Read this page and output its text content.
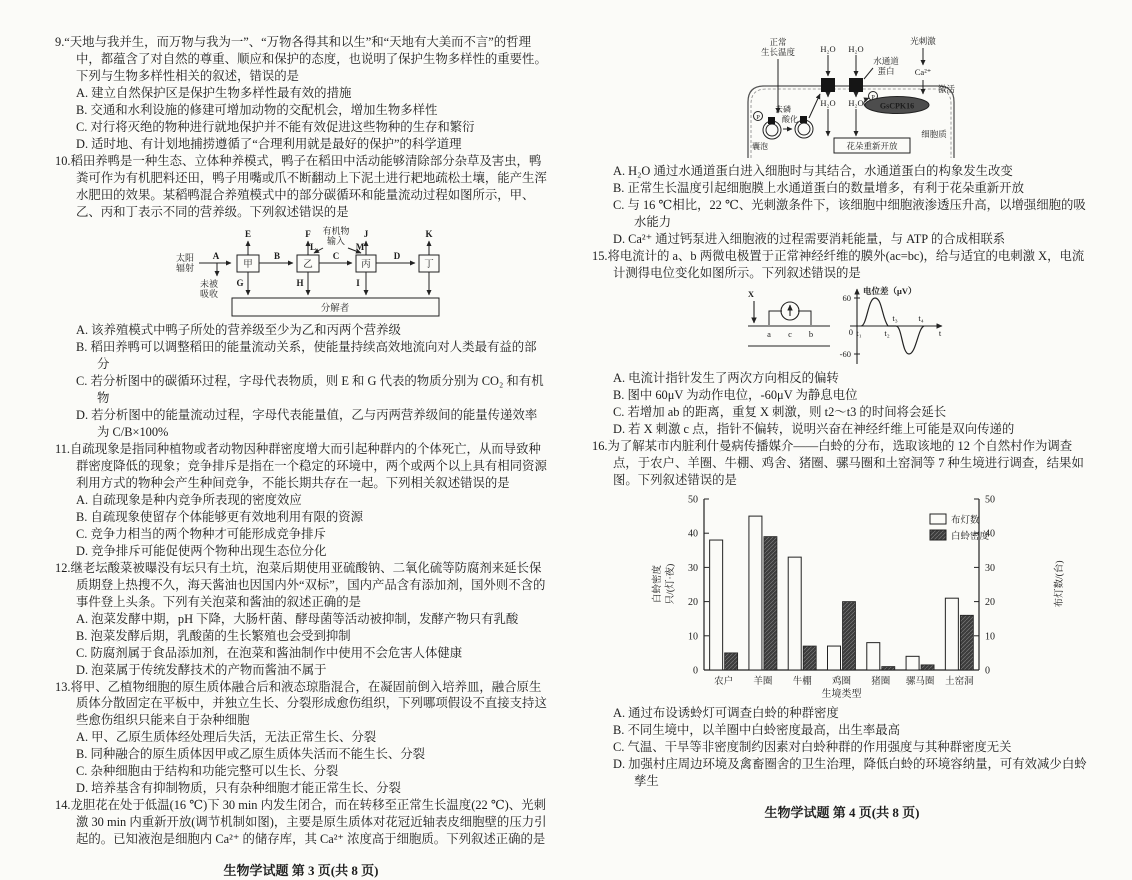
9.“天地与我并生，而万物与我为一”、“万物各得其和以生”和“天地有大美而不言”的哲理中，都蕴含了对自然的尊重、顺应和保护的态度，也说明了保护生物多样性的重要性。下列与生物多样性相关的叙述，错误的是
A. 建立自然保护区是保护生物多样性最有效的措施
B. 交通和水利设施的修建可增加动物的交配机会，增加生物多样性
C. 对行将灭绝的物种进行就地保护并不能有效促进这些物种的生存和繁衍
D. 适时地、有计划地捕捞遵循了“合理利用就是最好的保护”的科学道理
10.稻田养鸭是一种生态、立体种养模式，鸭子在稻田中活动能够清除部分杂草及害虫，鸭粪可作为有机肥料还田，鸭子用嘴或爪不断翻动上下泥土进行耙地疏松土壤，能产生浑水肥田的效果。某稻鸭混合养殖模式中的部分碳循环和能量流动过程如图所示，甲、乙、丙和丁表示不同的营养级。下列叙述错误的是
太阳
辐射
未被
吸收
有机物
输入
A	B	C	D
E	F	J	K
L	M
G	H	I
甲	乙	丙	丁
分解者
A. 该养殖模式中鸭子所处的营养级至少为乙和丙两个营养级
B. 稻田养鸭可以调整稻田的能量流动关系，使能量持续高效地流向对人类最有益的部分
C. 若分析图中的碳循环过程，字母代表物质，则 E 和 G 代表的物质分别为 CO₂ 和有机物
D. 若分析图中的能量流动过程，字母代表能量值，乙与丙两营养级间的能量传递效率为 C/B×100%
11.自疏现象是指同种植物或者动物因种群密度增大而引起种群内的个体死亡，从而导致种群密度降低的现象；竞争排斥是指在一个稳定的环境中，两个或两个以上具有相同资源利用方式的物种会产生种间竞争，不能长期共存在一起。下列相关叙述错误的是
A. 自疏现象是种内竞争所表现的密度效应
B. 自疏现象使留存个体能够更有效地利用有限的资源
C. 竞争力相当的两个物种才可能形成竞争排斥
D. 竞争排斥可能促使两个物种出现生态位分化
12.继老坛酸菜被曝没有坛只有土坑，泡菜后期使用亚硫酸钠、二氧化硫等防腐剂来延长保质期登上热搜不久，海天酱油也因国内外“双标”，国内产品含有添加剂，国外则不含的事件登上头条。下列有关泡菜和酱油的叙述正确的是
A. 泡菜发酵中期，pH 下降，大肠杆菌、酵母菌等活动被抑制，发酵产物只有乳酸
B. 泡菜发酵后期，乳酸菌的生长繁殖也会受到抑制
C. 防腐剂属于食品添加剂，在泡菜和酱油制作中使用不会危害人体健康
D. 泡菜属于传统发酵技术的产物而酱油不属于
13.将甲、乙植物细胞的原生质体融合后和液态琼脂混合，在凝固前倒入培养皿，融合原生质体分散固定在平板中，并独立生长、分裂形成愈伤组织，下列哪项假设不直接支持这些愈伤组织只能来自于杂种细胞
A. 甲、乙原生质体经处理后失活，无法正常生长、分裂
B. 同种融合的原生质体因甲或乙原生质体失活而不能生长、分裂
C. 杂种细胞由于结构和功能完整可以生长、分裂
D. 培养基含有抑制物质，只有杂种细胞才能正常生长、分裂
14.龙胆花在处于低温(16 ℃)下 30 min 内发生闭合，而在转移至正常生长温度(22 ℃)、光刺激 30 min 内重新开放(调节机制如图)，主要是原生质体对花冠近轴表皮细胞壁的压力引起的。已知液泡是细胞内 Ca²⁺ 的储存库，其 Ca²⁺ 浓度高于细胞质。下列叙述正确的是
生物学试题 第 3 页(共 8 页)
正常
生长温度	H₂O H₂O
H₂O H₂O
水通道
蛋白
光刺激
Ca²⁺
激活
GsCPK16
P
P
去磷
酸化
囊泡
细胞质
花朵重新开放
A. H₂O 通过水通道蛋白进入细胞时与其结合，水通道蛋白的构象发生改变
B. 正常生长温度引起细胞膜上水通道蛋白的数量增多，有利于花朵重新开放
C. 与 16 ℃相比，22 ℃、光刺激条件下，该细胞中细胞液渗透压升高，以增强细胞的吸水能力
D. Ca²⁺ 通过钙泵进入细胞液的过程需要消耗能量，与 ATP 的合成相联系
15.将电流计的 a、b 两微电极置于正常神经纤维的膜外(ac=bc)，给与适宜的电刺激 X，电流计测得电位变化如图所示。下列叙述错误的是
X
a c b
电位差（μV）
60
0
-60
t₁	t₂
t₃ t₄
t
A. 电流计指针发生了两次方向相反的偏转
B. 图中 60μV 为动作电位，-60μV 为静息电位
C. 若增加 ab 的距离，重复 X 刺激，则 t2～t3 的时间将会延长
D. 若 X 刺激 c 点，指针不偏转，说明兴奋在神经纤维上可能是双向传递的
16.为了解某市内脏利什曼病传播媒介——白蛉的分布，选取该地的 12 个自然村作为调查点，于农户、羊圈、牛棚、鸡舍、猪圈、骡马圈和土窑洞等 7 种生境进行调查，结果如图。下列叙述错误的是
0	0
10	10
20	20
30	30
40	40
50	50
农户 羊圈 牛棚 鸡圈 猪圈 骡马圈 土窑洞
生境类型
布灯数
白蛉密度
白蛉密度 只/(灯·夜)	布灯数/(台)
A. 通过布设诱蛉灯可调查白蛉的种群密度
B. 不同生境中，以羊圈中白蛉密度最高，出生率最高
C. 气温、干旱等非密度制约因素对白蛉种群的作用强度与其种群密度无关
D. 加强村庄周边环境及禽畜圈舍的卫生治理，降低白蛉的环境容纳量，可有效减少白蛉孳生
生物学试题 第 4 页(共 8 页)
